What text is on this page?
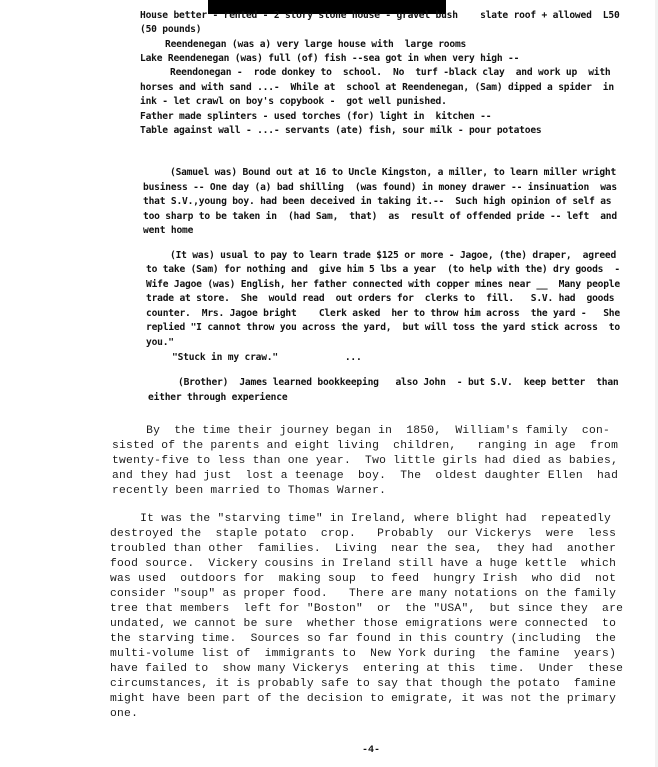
House better - rented - 2 story stone house - gravel bush    slate roof + allowed  L50
(50 pounds)
Reendenegan (was a) very large house with  large rooms
Lake Reendenegan (was) full (of) fish --sea got in when very high --
Reendonegan -  rode donkey to  school.  No  turf -black clay  and work up  with
horses and with sand ...-  While at  school at Reendenegan, (Sam) dipped a spider  in
ink - let crawl on boy's copybook -  got well punished.
Father made splinters - used torches (for) light in  kitchen --
Table against wall - ...- servants (ate) fish, sour milk - pour potatoes
(Samuel was) Bound out at 16 to Uncle Kingston, a miller, to learn miller wright
business -- One day (a) bad shilling  (was found) in money drawer -- insinuation  was
that S.V.,young boy. had been deceived in taking it.--  Such high opinion of self as
too sharp to be taken in  (had Sam,  that)  as  result of offended pride -- left  and
went home
(It was) usual to pay to learn trade $125 or more - Jagoe, (the) draper,  agreed
to take (Sam) for nothing and  give him 5 lbs a year  (to help with the) dry goods  -
Wife Jagoe (was) English, her father connected with copper mines near __  Many people
trade at store.  She  would read  out orders for  clerks to  fill.   S.V. had  goods
counter.  Mrs. Jagoe bright    Clerk asked  her to throw him across  the yard -   She
replied "I cannot throw you across the yard,  but will toss the yard stick across  to
you."
"Stuck in my craw."            ...
(Brother)  James learned bookkeeping   also John  - but S.V.  keep better  than
either through experience
By  the time their journey began in  1850,  William's family  con-
sisted of the parents and eight living  children,   ranging in age  from
twenty-five to less than one year.  Two little girls had died as babies,
and they had just  lost a teenage  boy.  The  oldest daughter Ellen  had
recently been married to Thomas Warner.
It was the "starving time" in Ireland, where blight had  repeatedly
destroyed the  staple potato  crop.   Probably  our Vickerys  were  less
troubled than other  families.  Living  near the sea,  they had  another
food source.  Vickery cousins in Ireland still have a huge kettle  which
was used  outdoors for  making soup  to feed  hungry Irish  who did  not
consider "soup" as proper food.   There are many notations on the family
tree that members  left for "Boston"  or  the "USA",  but since they  are
undated, we cannot be sure  whether those emigrations were connected  to
the starving time.  Sources so far found in this country (including  the
multi-volume list of  immigrants to  New York during  the famine  years)
have failed to  show many Vickerys  entering at this  time.  Under  these
circumstances, it is probably safe to say that though the potato  famine
might have been part of the decision to emigrate, it was not the primary
one.
-4-
